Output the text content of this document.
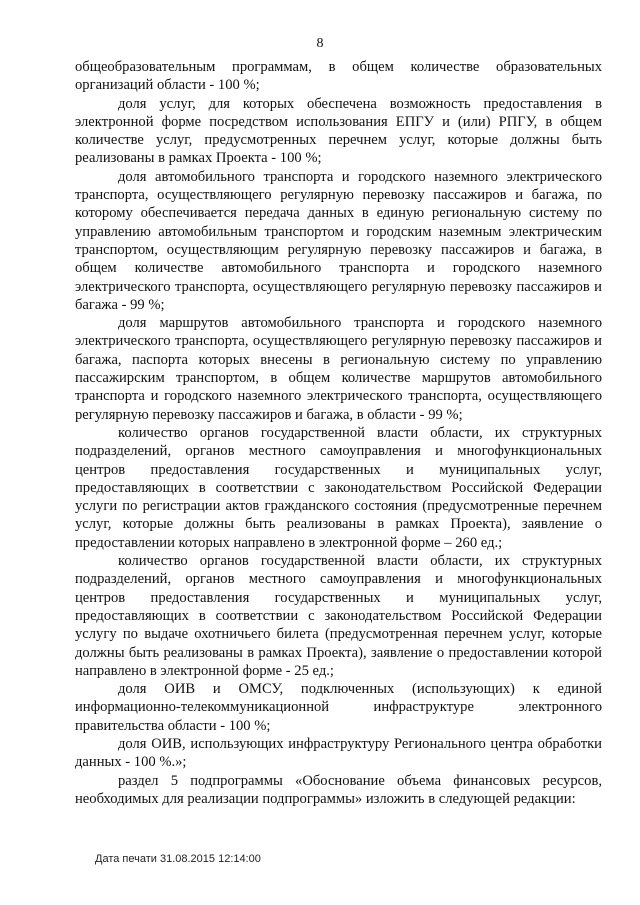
8

общеобразовательным программам, в общем количестве образовательных организаций области - 100 %;

доля услуг, для которых обеспечена возможность предоставления в электронной форме посредством использования ЕПГУ и (или) РПГУ, в общем количестве услуг, предусмотренных перечнем услуг, которые должны быть реализованы в рамках Проекта - 100 %;

доля автомобильного транспорта и городского наземного электрического транспорта, осуществляющего регулярную перевозку пассажиров и багажа, по которому обеспечивается передача данных в единую региональную систему по управлению автомобильным транспортом и городским наземным электрическим транспортом, осуществляющим регулярную перевозку пассажиров и багажа, в общем количестве автомобильного транспорта и городского наземного электрического транспорта, осуществляющего регулярную перевозку пассажиров и багажа - 99 %;

доля маршрутов автомобильного транспорта и городского наземного электрического транспорта, осуществляющего регулярную перевозку пассажиров и багажа, паспорта которых внесены в региональную систему по управлению пассажирским транспортом, в общем количестве маршрутов автомобильного транспорта и городского наземного электрического транспорта, осуществляющего регулярную перевозку пассажиров и багажа, в области - 99 %;

количество органов государственной власти области, их структурных подразделений, органов местного самоуправления и многофункциональных центров предоставления государственных и муниципальных услуг, предоставляющих в соответствии с законодательством Российской Федерации услуги по регистрации актов гражданского состояния (предусмотренные перечнем услуг, которые должны быть реализованы в рамках Проекта), заявление о предоставлении которых направлено в электронной форме – 260 ед.;

количество органов государственной власти области, их структурных подразделений, органов местного самоуправления и многофункциональных центров предоставления государственных и муниципальных услуг, предоставляющих в соответствии с законодательством Российской Федерации услугу по выдаче охотничьего билета (предусмотренная перечнем услуг, которые должны быть реализованы в рамках Проекта), заявление о предоставлении которой направлено в электронной форме - 25 ед.;

доля ОИВ и ОМСУ, подключенных (использующих) к единой информационно-телекоммуникационной инфраструктуре электронного правительства области - 100 %;

доля ОИВ, использующих инфраструктуру Регионального центра обработки данных - 100 %.»;

раздел 5 подпрограммы «Обоснование объема финансовых ресурсов, необходимых для реализации подпрограммы» изложить в следующей редакции:

Дата печати 31.08.2015 12:14:00
